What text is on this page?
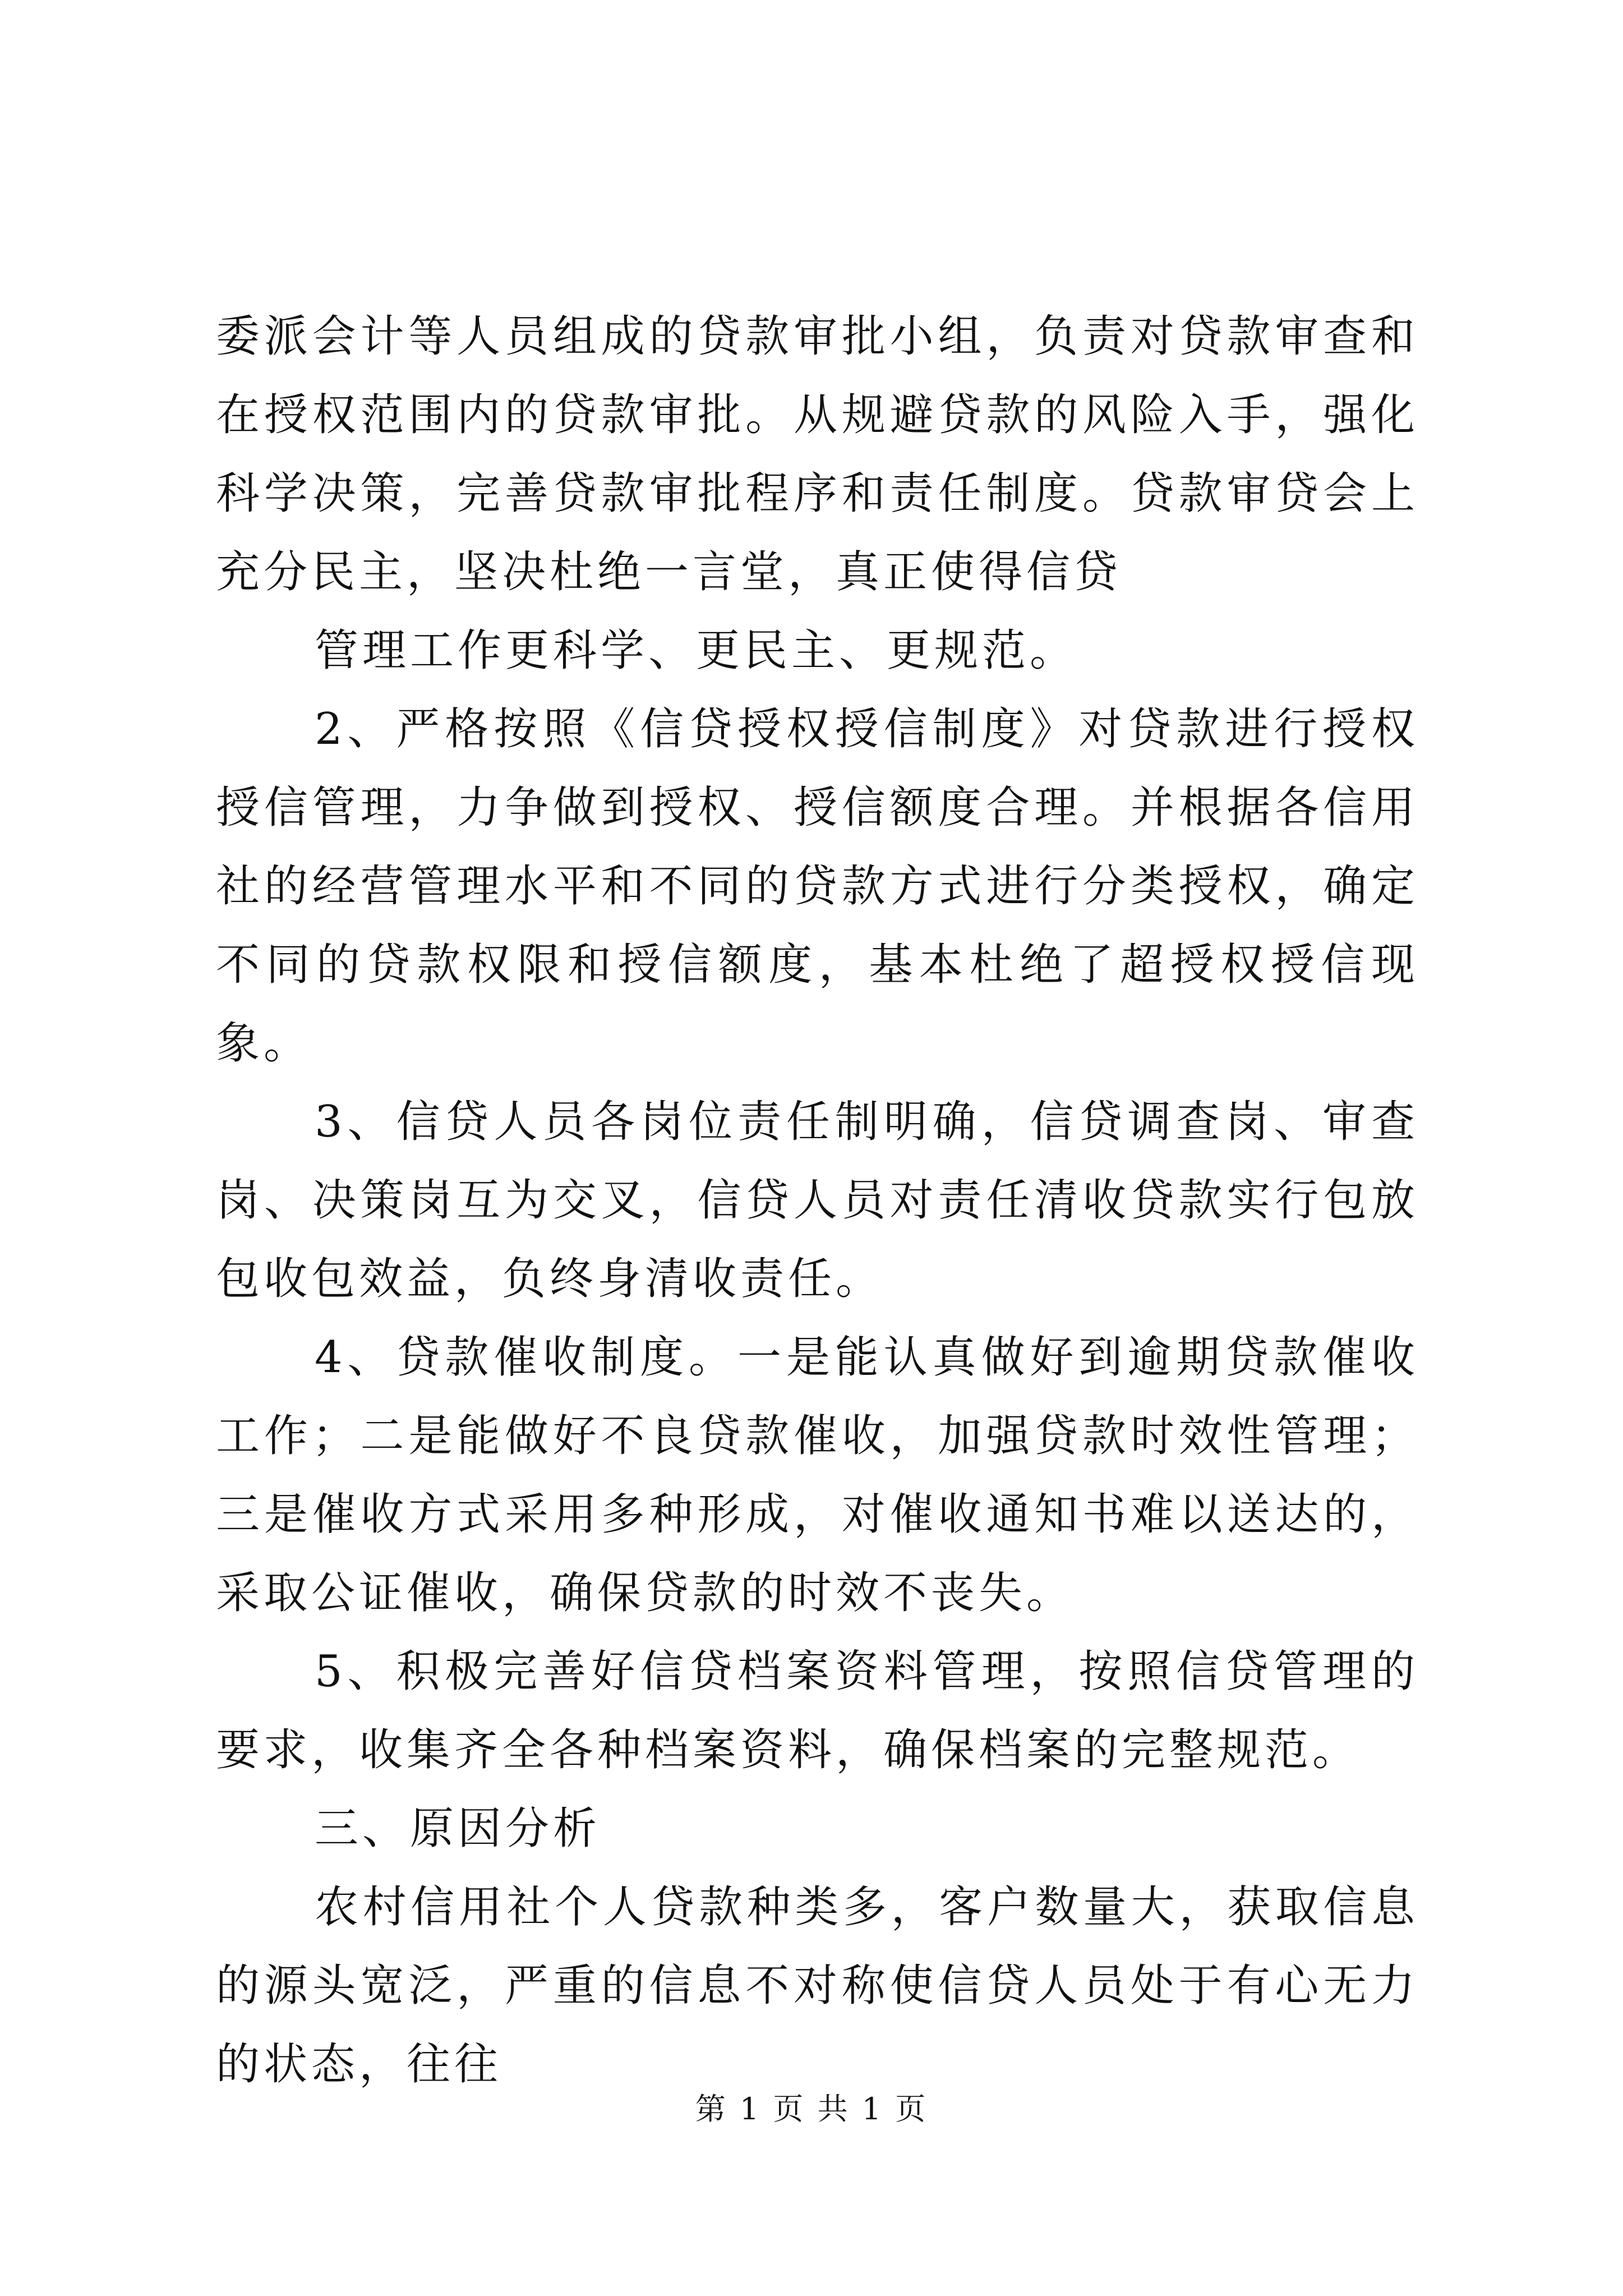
委派会计等人员组成的贷款审批小组，负责对贷款审查和在授权范围内的贷款审批。从规避贷款的风险入手，强化科学决策，完善贷款审批程序和责任制度。贷款审贷会上充分民主，坚决杜绝一言堂，真正使得信贷

管理工作更科学、更民主、更规范。

2、严格按照《信贷授权授信制度》对贷款进行授权授信管理，力争做到授权、授信额度合理。并根据各信用社的经营管理水平和不同的贷款方式进行分类授权，确定不同的贷款权限和授信额度，基本杜绝了超授权授信现象。

3、信贷人员各岗位责任制明确，信贷调查岗、审查岗、决策岗互为交叉，信贷人员对责任清收贷款实行包放包收包效益，负终身清收责任。

4、贷款催收制度。一是能认真做好到逾期贷款催收工作；二是能做好不良贷款催收，加强贷款时效性管理；三是催收方式采用多种形成，对催收通知书难以送达的，采取公证催收，确保贷款的时效不丧失。

5、积极完善好信贷档案资料管理，按照信贷管理的要求，收集齐全各种档案资料，确保档案的完整规范。

三、原因分析

农村信用社个人贷款种类多，客户数量大，获取信息的源头宽泛，严重的信息不对称使信贷人员处于有心无力的状态，往往

第 1 页 共 1 页
